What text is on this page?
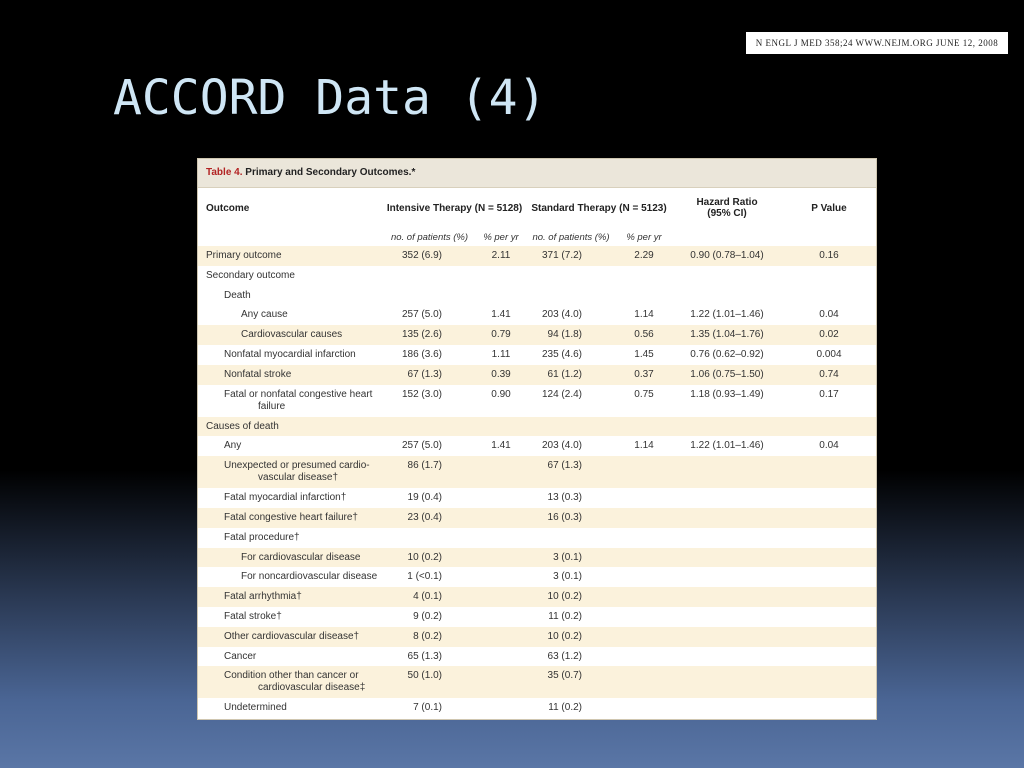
N ENGL J MED 358;24 WWW.NEJM.ORG JUNE 12, 2008
ACCORD Data (4)
Table 4. Primary and Secondary Outcomes.*
Outcome	Intensive Therapy (N = 5128)		Standard Therapy (N = 5123)		Hazard Ratio
(95% CI)	P Value
	no. of patients (%)	% per yr	no. of patients (%)	% per yr		
Primary outcome	352 (6.9)	2.11	371 (7.2)	2.29	0.90 (0.78–1.04)	0.16
Secondary outcome						
Death						
Any cause	257 (5.0)	1.41	203 (4.0)	1.14	1.22 (1.01–1.46)	0.04
Cardiovascular causes	135 (2.6)	0.79	94 (1.8)	0.56	1.35 (1.04–1.76)	0.02
Nonfatal myocardial infarction	186 (3.6)	1.11	235 (4.6)	1.45	0.76 (0.62–0.92)	0.004
Nonfatal stroke	67 (1.3)	0.39	61 (1.2)	0.37	1.06 (0.75–1.50)	0.74
Fatal or nonfatal congestive heart
failure	152 (3.0)	0.90	124 (2.4)	0.75	1.18 (0.93–1.49)	0.17
Causes of death						
Any	257 (5.0)	1.41	203 (4.0)	1.14	1.22 (1.01–1.46)	0.04
Unexpected or presumed cardio-
vascular disease†	86 (1.7)		67 (1.3)			
Fatal myocardial infarction†	19 (0.4)		13 (0.3)			
Fatal congestive heart failure†	23 (0.4)		16 (0.3)			
Fatal procedure†						
For cardiovascular disease	10 (0.2)		3 (0.1)			
For noncardiovascular disease	1 (<0.1)		3 (0.1)			
Fatal arrhythmia†	4 (0.1)		10 (0.2)			
Fatal stroke†	9 (0.2)		11 (0.2)			
Other cardiovascular disease†	8 (0.2)		10 (0.2)			
Cancer	65 (1.3)		63 (1.2)			
Condition other than cancer or
cardiovascular disease‡	50 (1.0)		35 (0.7)			
Undetermined	7 (0.1)		11 (0.2)			
